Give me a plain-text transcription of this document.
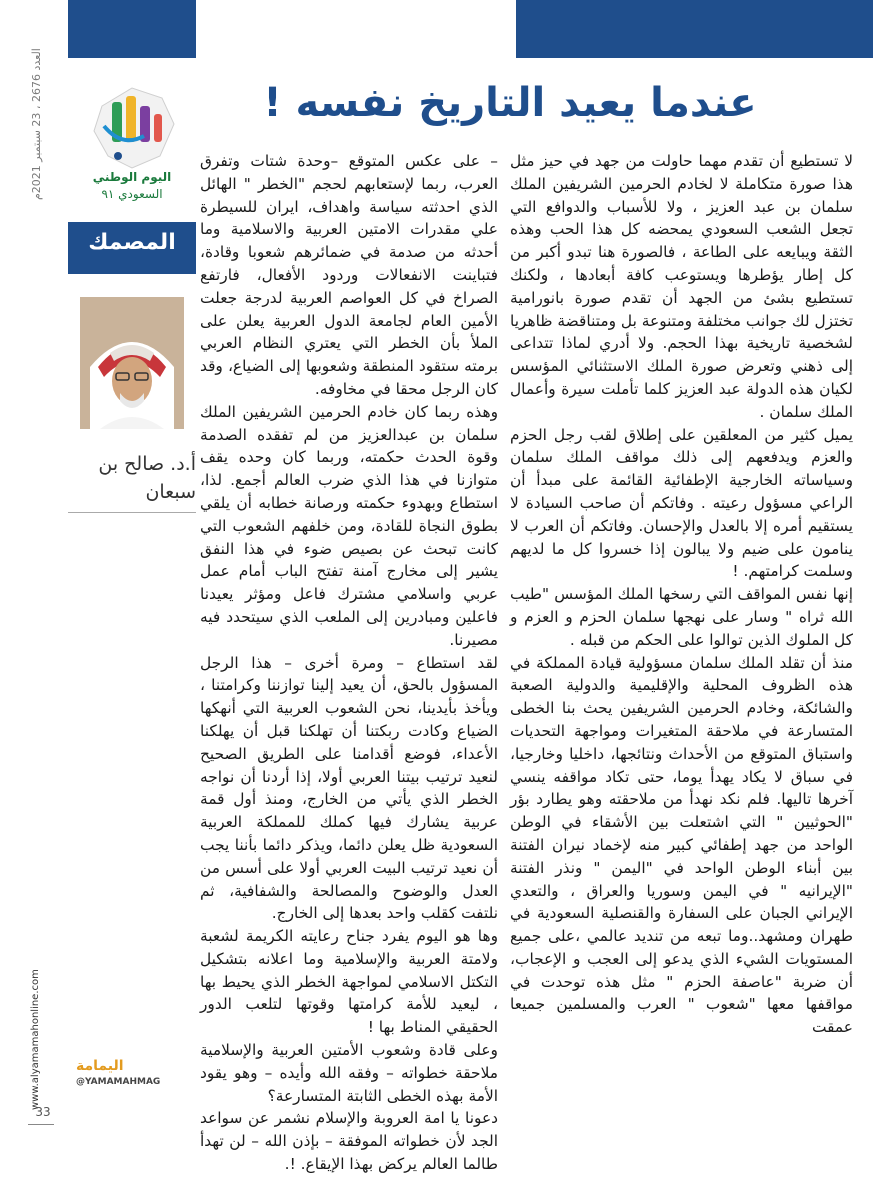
العدد 2676 ، 23 سبتمبر 2021م
www.alyamamahonline.com
33
اليوم الوطني
السعودي ٩١
المصمك
أ.د. صالح بن سبعان
اليمامة
@YAMAMAHMAG
عندما يعيد التاريخ نفسه !

لا تستطيع أن تقدم مهما حاولت من جهد في حيز مثل هذا صورة متكاملة لا لخادم الحرمين الشريفين الملك سلمان بن عبد العزيز ، ولا للأسباب والدوافع التي تجعل الشعب السعودي يمحضه كل هذا الحب وهذه الثقة ويبايعه على الطاعة ، فالصورة هنا تبدو أكبر من كل إطار يؤطرها ويستوعب كافة أبعادها ، ولكنك تستطيع بشئ من الجهد أن تقدم صورة بانورامية تختزل لك جوانب مختلفة ومتنوعة بل ومتناقضة ظاهريا لشخصية تاريخية بهذا الحجم. ولا أدري لماذا تتداعى إلى ذهني وتعرض صورة الملك الاستثنائي المؤسس لكيان هذه الدولة عبد العزيز كلما تأملت سيرة وأعمال الملك سلمان .

يميل كثير من المعلقين على إطلاق لقب رجل الحزم والعزم ويدفعهم إلى ذلك مواقف الملك سلمان وسياساته الخارجية الإطفائية القائمة على مبدأ أن الراعي مسؤول رعيته . وفاتكم أن صاحب السيادة لا يستقيم أمره إلا بالعدل والإحسان. وفاتكم أن العرب لا ينامون على ضيم ولا يبالون إذا خسروا كل ما لديهم وسلمت كرامتهم. !

إنها نفس المواقف التي رسخها الملك المؤسس "طيب الله ثراه " وسار على نهجها سلمان الحزم و العزم و كل الملوك الذين توالوا على الحكم من قبله .

منذ أن تقلد الملك سلمان مسؤولية قيادة المملكة في هذه الظروف المحلية والإقليمية والدولية الصعبة والشائكة، وخادم الحرمين الشريفين يحث بنا الخطى المتسارعة في ملاحقة المتغيرات ومواجهة التحديات واستباق المتوقع من الأحداث ونتائجها، داخليا وخارجيا، في سباق لا يكاد يهدأ يوما، حتى تكاد مواقفه ينسي آخرها تاليها. فلم نكد نهدأ من ملاحقته وهو يطارد بؤر "الحوثيين " التي اشتعلت بين الأشقاء في الوطن الواحد من جهد إطفائي كبير منه لإخماد نيران الفتنة بين أبناء الوطن الواحد في "اليمن " ونذر الفتنة "الإيرانيه " في اليمن وسوريا والعراق ، والتعدي الإيراني الجبان على السفارة والقنصلية السعودية في طهران ومشهد..وما تبعه من تنديد عالمي ،على جميع المستويات الشيء الذي يدعو إلى العجب و الإعجاب، أن ضربة "عاصفة الحزم " مثل هذه توحدت في مواقفها معها "شعوب " العرب والمسلمين جميعا عمقت

– على عكس المتوقع –وحدة شتات وتفرق العرب، ربما لإستعابهم لحجم "الخطر " الهائل الذي احدثته سياسة واهداف، ايران للسيطرة علي مقدرات الامتين العربية والاسلامية وما أحدثه من صدمة في ضمائرهم شعوبا وقادة، فتباينت الانفعالات وردود الأفعال، فارتفع الصراخ في كل العواصم العربية لدرجة جعلت الأمين العام لجامعة الدول العربية يعلن على الملأ بأن الخطر التي يعتري النظام العربي برمته ستقود المنطقة وشعوبها إلى الضياع، وقد كان الرجل محقا في مخاوفه.

وهذه ربما كان خادم الحرمين الشريفين الملك سلمان بن عبدالعزيز من لم تفقده الصدمة وقوة الحدث حكمته، وربما كان وحده يقف متوازنا في هذا الذي ضرب العالم أجمع. لذا، استطاع وبهدوء حكمته ورصانة خطابه أن يلقي بطوق النجاة للقادة، ومن خلفهم الشعوب التي كانت تبحث عن بصيص ضوء في هذا النفق يشير إلى مخارج آمنة تفتح الباب أمام عمل عربي واسلامي مشترك فاعل ومؤثر يعيدنا فاعلين ومبادرين إلى الملعب الذي سيتحدد فيه مصيرنا.

لقد استطاع – ومرة أخرى – هذا الرجل المسؤول بالحق، أن يعيد إلينا توازننا وكرامتنا ، ويأخذ بأيدينا، نحن الشعوب العربية التي أنهكها الضياع وكادت ربكتنا أن تهلكنا قبل أن يهلكنا الأعداء، فوضع أقدامنا على الطريق الصحيح لنعيد ترتيب بيتنا العربي أولا، إذا أردنا أن نواجه الخطر الذي يأتي من الخارج، ومنذ أول قمة عربية يشارك فيها كملك للمملكة العربية السعودية ظل يعلن دائما، ويذكر دائما بأننا يجب أن نعيد ترتيب البيت العربي أولا على أسس من العدل والوضوح والمصالحة والشفافية، ثم نلتفت كقلب واحد بعدها إلى الخارج.

وها هو اليوم يفرد جناح رعايته الكريمة لشعبة ولامتة العربية والإسلامية وما اعلانه بتشكيل التكتل الاسلامي لمواجهة الخطر الذي يحيط بها ، ليعيد للأمة كرامتها وقوتها لتلعب الدور الحقيقي المناط بها !

وعلى قادة وشعوب الأمتين العربية والإسلامية ملاحقة خطواته – وفقه الله وأيده – وهو يقود الأمة بهذه الخطى الثابتة المتسارعة؟

دعونا يا امة العروبة والإسلام نشمر عن سواعد الجد لأن خطواته الموفقة – بإذن الله – لن تهدأ طالما العالم يركض بهذا الإيقاع. !.
